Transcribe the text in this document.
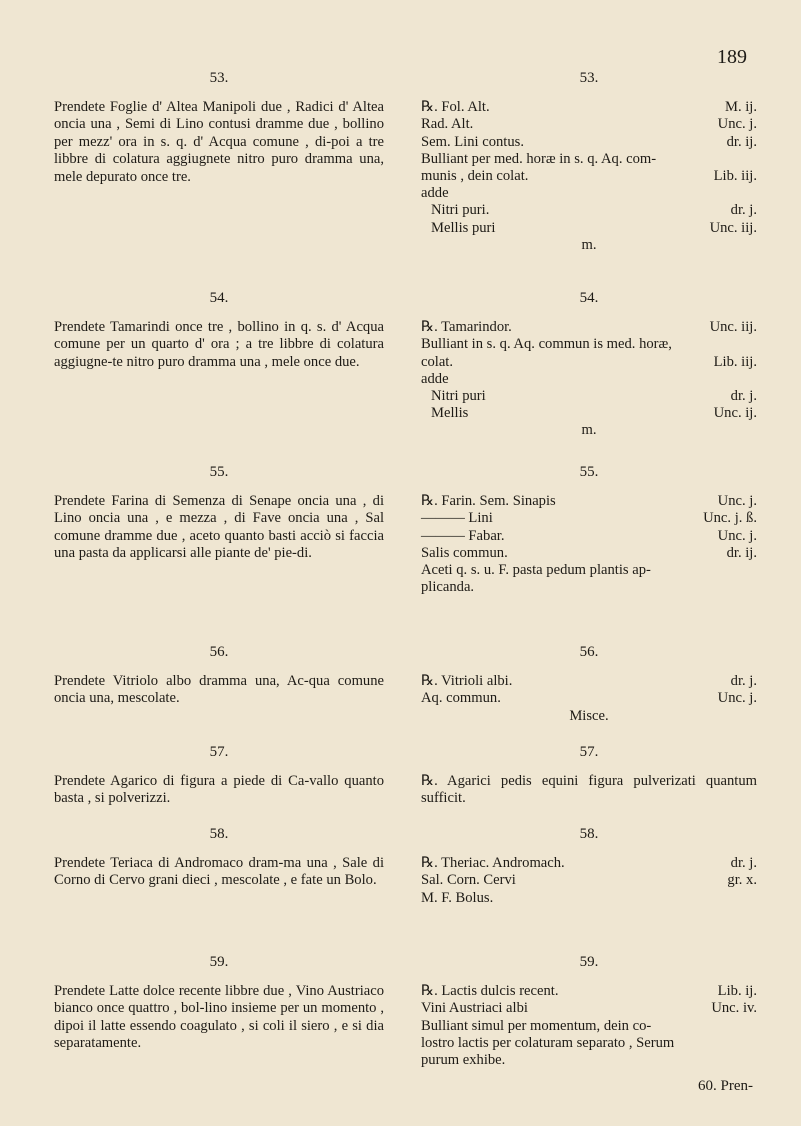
189
53.
Prendete Foglie d' Altea Manipoli due , Radici d' Altea oncia una , Semi di Lino contusi dramme due , bollino per mezz' ora in s. q. d' Acqua comune , di-poi a tre libbre di colatura aggiugnete nitro puro dramma una, mele depurato once tre.
54.
Prendete Tamarindi once tre , bollino in q. s. d' Acqua comune per un quarto d' ora ; a tre libbre di colatura aggiugne-te nitro puro dramma una , mele once due.
55.
Prendete Farina di Semenza di Senape oncia una , di Lino oncia una , e mezza , di Fave oncia una , Sal comune dramme due , aceto quanto basti acciò si faccia una pasta da applicarsi alle piante de' pie-di.
56.
Prendete Vitriolo albo dramma una, Ac-qua comune oncia una, mescolate.
57.
Prendete Agarico di figura a piede di Ca-vallo quanto basta , si polverizzi.
58.
Prendete Teriaca di Andromaco dram-ma una , Sale di Corno di Cervo grani dieci , mescolate , e fate un Bolo.
59.
Prendete Latte dolce recente libbre due , Vino Austriaco bianco once quattro , bol-lino insieme per un momento , dipoi il latte essendo coagulato , si coli il siero , e si dia separatamente.
53.
℞. Fol. Alt.	M. ij.
Rad. Alt.	Unc. j.
Sem. Lini contus.	dr. ij.
Bulliant per med. horæ in s. q. Aq. com-
munis , dein colat.	Lib. iij.
adde
Nitri puri.	dr. j.
Mellis puri	Unc. iij.
m.
54.
℞. Tamarindor.	Unc. iij.
Bulliant in s. q. Aq. commun is med. horæ,
colat.	Lib. iij.
adde
Nitri puri	dr. j.
Mellis	Unc. ij.
m.
55.
℞. Farin. Sem. Sinapis	Unc. j.
——— Lini	Unc. j. ß.
——— Fabar.	Unc. j.
Salis commun.	dr. ij.
Aceti q. s. u. F. pasta pedum plantis ap-
plicanda.
56.
℞. Vitrioli albi.	dr. j.
Aq. commun.	Unc. j.
Misce.
57.
℞. Agarici pedis equini figura pulverizati quantum sufficit.
58.
℞. Theriac. Andromach.	dr. j.
Sal. Corn. Cervi	gr. x.
M. F. Bolus.
59.
℞. Lactis dulcis recent.	Lib. ij.
Vini Austriaci albi	Unc. iv.
Bulliant simul per momentum, dein co-
lostro lactis per colaturam separato , Serum
purum exhibe.
60. Pren-
